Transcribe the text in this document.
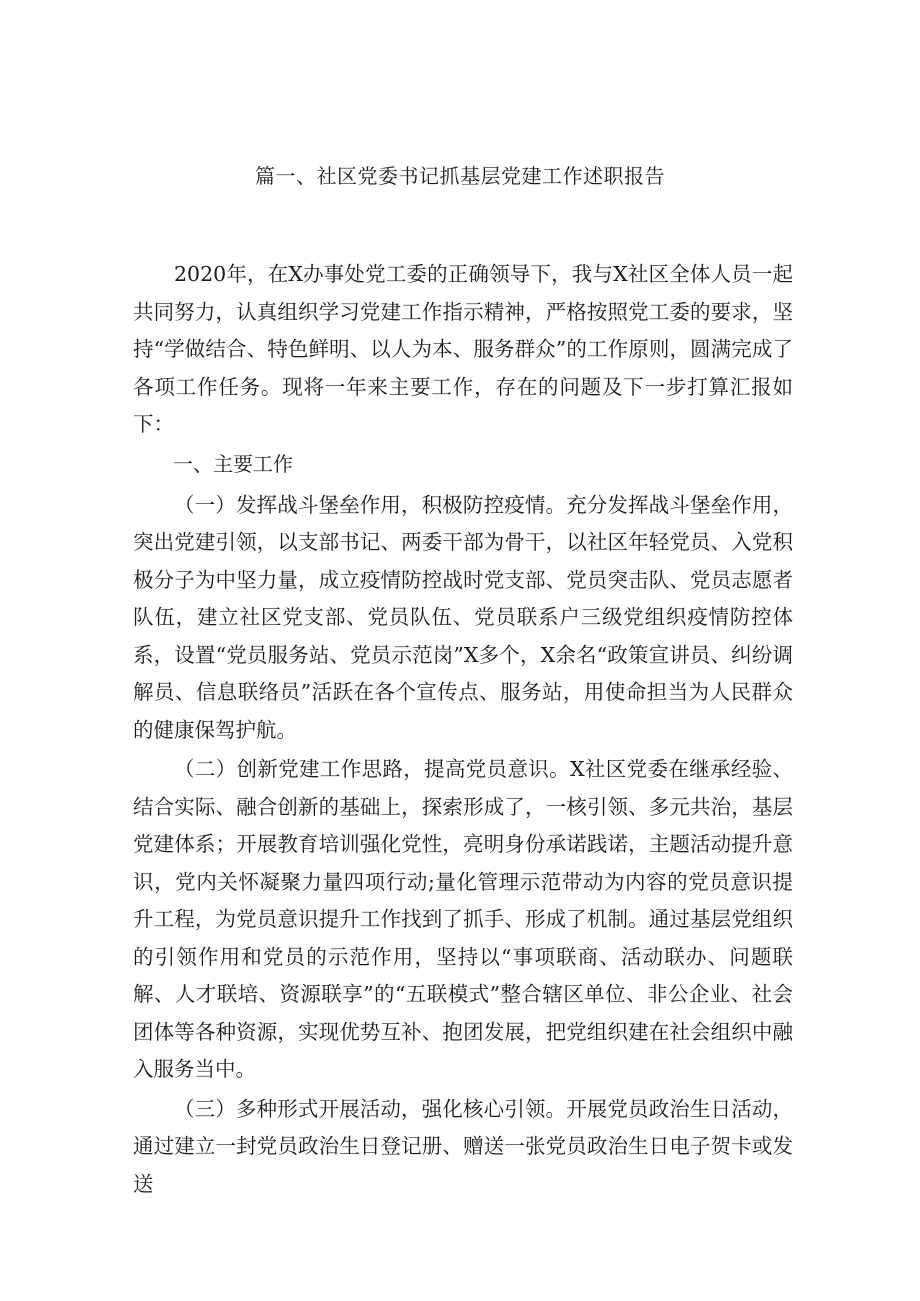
篇一、社区党委书记抓基层党建工作述职报告

2020年，在X办事处党工委的正确领导下，我与X社区全体人员一起共同努力，认真组织学习党建工作指示精神，严格按照党工委的要求，坚持“学做结合、特色鲜明、以人为本、服务群众”的工作原则，圆满完成了各项工作任务。现将一年来主要工作，存在的问题及下一步打算汇报如下：

一、主要工作

（一）发挥战斗堡垒作用，积极防控疫情。充分发挥战斗堡垒作用，突出党建引领，以支部书记、两委干部为骨干，以社区年轻党员、入党积极分子为中坚力量，成立疫情防控战时党支部、党员突击队、党员志愿者队伍，建立社区党支部、党员队伍、党员联系户三级党组织疫情防控体系，设置“党员服务站、党员示范岗”X多个，X余名“政策宣讲员、纠纷调解员、信息联络员”活跃在各个宣传点、服务站，用使命担当为人民群众的健康保驾护航。

（二）创新党建工作思路，提高党员意识。X社区党委在继承经验、结合实际、融合创新的基础上，探索形成了，一核引领、多元共治，基层党建体系；开展教育培训强化党性，亮明身份承诺践诺，主题活动提升意识，党内关怀凝聚力量四项行动;量化管理示范带动为内容的党员意识提升工程，为党员意识提升工作找到了抓手、形成了机制。通过基层党组织的引领作用和党员的示范作用，坚持以“事项联商、活动联办、问题联解、人才联培、资源联享”的“五联模式”整合辖区单位、非公企业、社会团体等各种资源，实现优势互补、抱团发展，把党组织建在社会组织中融入服务当中。

（三）多种形式开展活动，强化核心引领。开展党员政治生日活动，通过建立一封党员政治生日登记册、赠送一张党员政治生日电子贺卡或发送
